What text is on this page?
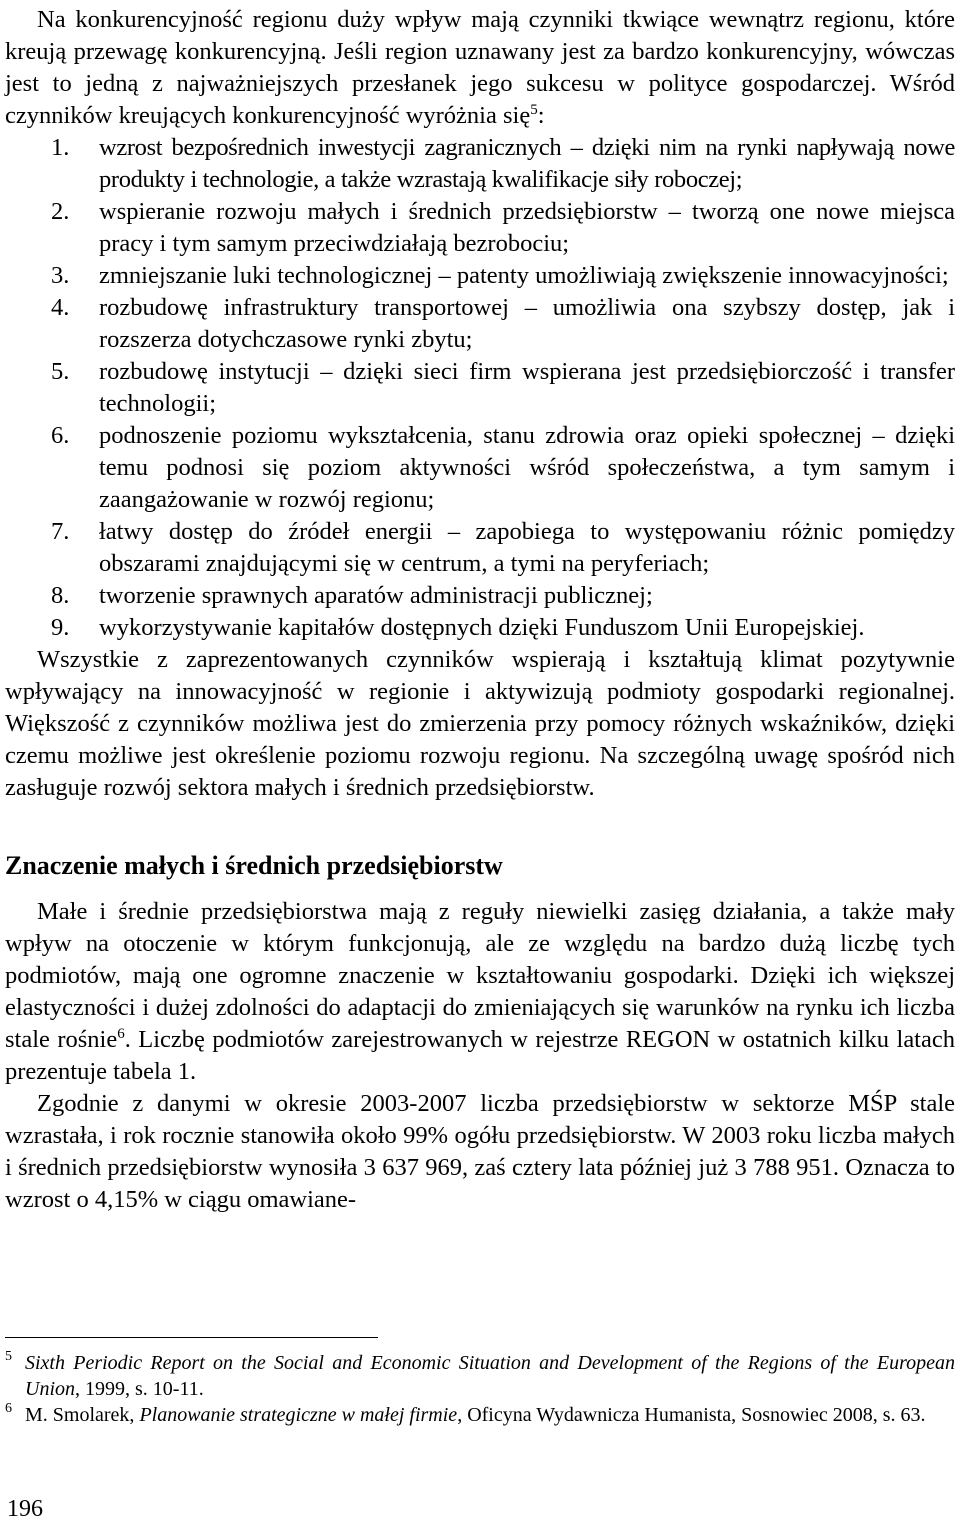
Na konkurencyjność regionu duży wpływ mają czynniki tkwiące wewnątrz regionu, które kreują przewagę konkurencyjną. Jeśli region uznawany jest za bardzo konkurencyjny, wówczas jest to jedną z najważniejszych przesłanek jego sukcesu w polityce gospodarczej. Wśród czynników kreujących konkurencyjność wyróżnia się$^5$:

1. wzrost bezpośrednich inwestycji zagranicznych – dzięki nim na rynki napływają nowe produkty i technologie, a także wzrastają kwalifikacje siły roboczej;
2. wspieranie rozwoju małych i średnich przedsiębiorstw – tworzą one nowe miejsca pracy i tym samym przeciwdziałają bezrobociu;
3. zmniejszanie luki technologicznej – patenty umożliwiają zwiększenie innowacyjności;
4. rozbudowę infrastruktury transportowej – umożliwia ona szybszy dostęp, jak i rozszerza dotychczasowe rynki zbytu;
5. rozbudowę instytucji – dzięki sieci firm wspierana jest przedsiębiorczość i transfer technologii;
6. podnoszenie poziomu wykształcenia, stanu zdrowia oraz opieki społecznej – dzięki temu podnosi się poziom aktywności wśród społeczeństwa, a tym samym i zaangażowanie w rozwój regionu;
7. łatwy dostęp do źródeł energii – zapobiega to występowaniu różnic pomiędzy obszarami znajdującymi się w centrum, a tymi na peryferiach;
8. tworzenie sprawnych aparatów administracji publicznej;
9. wykorzystywanie kapitałów dostępnych dzięki Funduszom Unii Europejskiej.

Wszystkie z zaprezentowanych czynników wspierają i kształtują klimat pozytywnie wpływający na innowacyjność w regionie i aktywizują podmioty gospodarki regionalnej. Większość z czynników możliwa jest do zmierzenia przy pomocy różnych wskaźników, dzięki czemu możliwe jest określenie poziomu rozwoju regionu. Na szczególną uwagę spośród nich zasługuje rozwój sektora małych i średnich przedsiębiorstw.

Znaczenie małych i średnich przedsiębiorstw

Małe i średnie przedsiębiorstwa mają z reguły niewielki zasięg działania, a także mały wpływ na otoczenie w którym funkcjonują, ale ze względu na bardzo dużą liczbę tych podmiotów, mają one ogromne znaczenie w kształtowaniu gospodarki. Dzięki ich większej elastyczności i dużej zdolności do adaptacji do zmieniających się warunków na rynku ich liczba stale rośnie$^6$. Liczbę podmiotów zarejestrowanych w rejestrze REGON w ostatnich kilku latach prezentuje tabela 1.

Zgodnie z danymi w okresie 2003-2007 liczba przedsiębiorstw w sektorze MŚP stale wzrastała, i rok rocznie stanowiła około 99% ogółu przedsiębiorstw. W 2003 roku liczba małych i średnich przedsiębiorstw wynosiła 3 637 969, zaś cztery lata później już 3 788 951. Oznacza to wzrost o 4,15% w ciągu omawiane-

5 Sixth Periodic Report on the Social and Economic Situation and Development of the Regions of the European Union, 1999, s. 10-11.
6 M. Smolarek, Planowanie strategiczne w małej firmie, Oficyna Wydawnicza Humanista, Sosnowiec 2008, s. 63.
196
